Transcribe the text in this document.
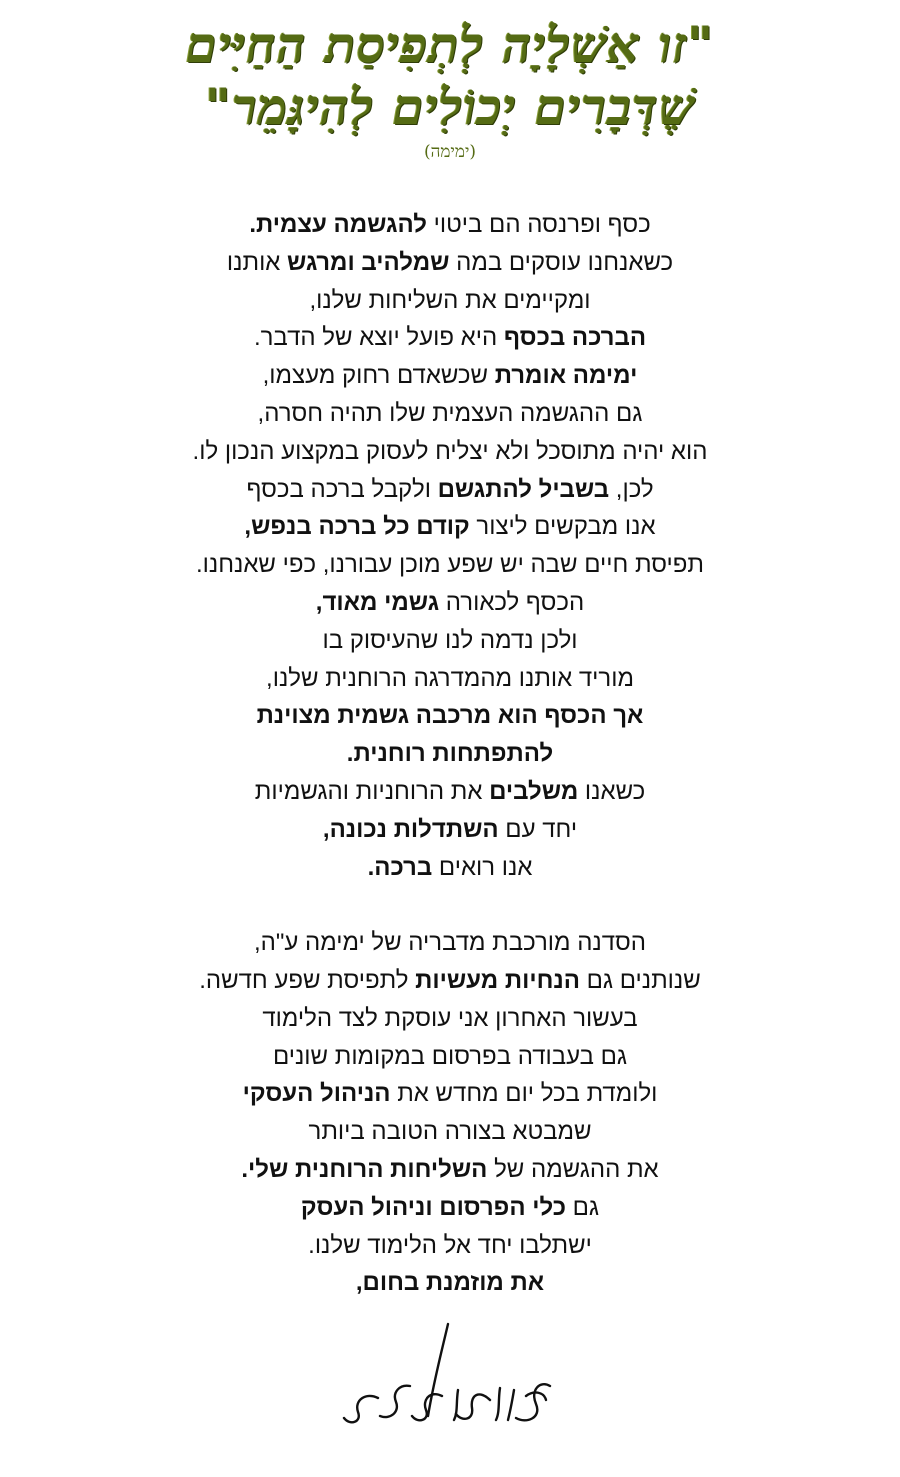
"זו אַשְׁלָיָה לְתְפִיסַת הַחַיִּים
שֶׁדְּבָרִים יְכוֹלִים לְהִיגָּמֵר"
(ימימה)
כסף ופרנסה הם ביטוי להגשמה עצמית.
כשאנחנו עוסקים במה שמלהיב ומרגש אותנו
ומקיימים את השליחות שלנו,
הברכה בכסף היא פועל יוצא של הדבר.
ימימה אומרת שכשאדם רחוק מעצמו,
גם ההגשמה העצמית שלו תהיה חסרה,
הוא יהיה מתוסכל ולא יצליח לעסוק במקצוע הנכון לו.
לכן, בשביל להתגשם ולקבל ברכה בכסף
אנו מבקשים ליצור קודם כל ברכה בנפש,
תפיסת חיים שבה יש שפע מוכן עבורנו, כפי שאנחנו.
הכסף לכאורה גשמי מאוד,
ולכן נדמה לנו שהעיסוק בו
מוריד אותנו מהמדרגה הרוחנית שלנו,
אך הכסף הוא מרכבה גשמית מצוינת
להתפתחות רוחנית.
כשאנו משלבים את הרוחניות והגשמיות
יחד עם השתדלות נכונה,
אנו רואים ברכה.
הסדנה מורכבת מדבריה של ימימה ע"ה,
שנותנים גם הנחיות מעשיות לתפיסת שפע חדשה.
בעשור האחרון אני עוסקת לצד הלימוד
גם בעבודה בפרסום במקומות שונים
ולומדת בכל יום מחדש את הניהול העסקי
שמבטא בצורה הטובה ביותר
את ההגשמה של השליחות הרוחנית שלי.
גם כלי הפרסום וניהול העסק
ישתלבו יחד אל הלימוד שלנו.
את מוזמנת בחום,
